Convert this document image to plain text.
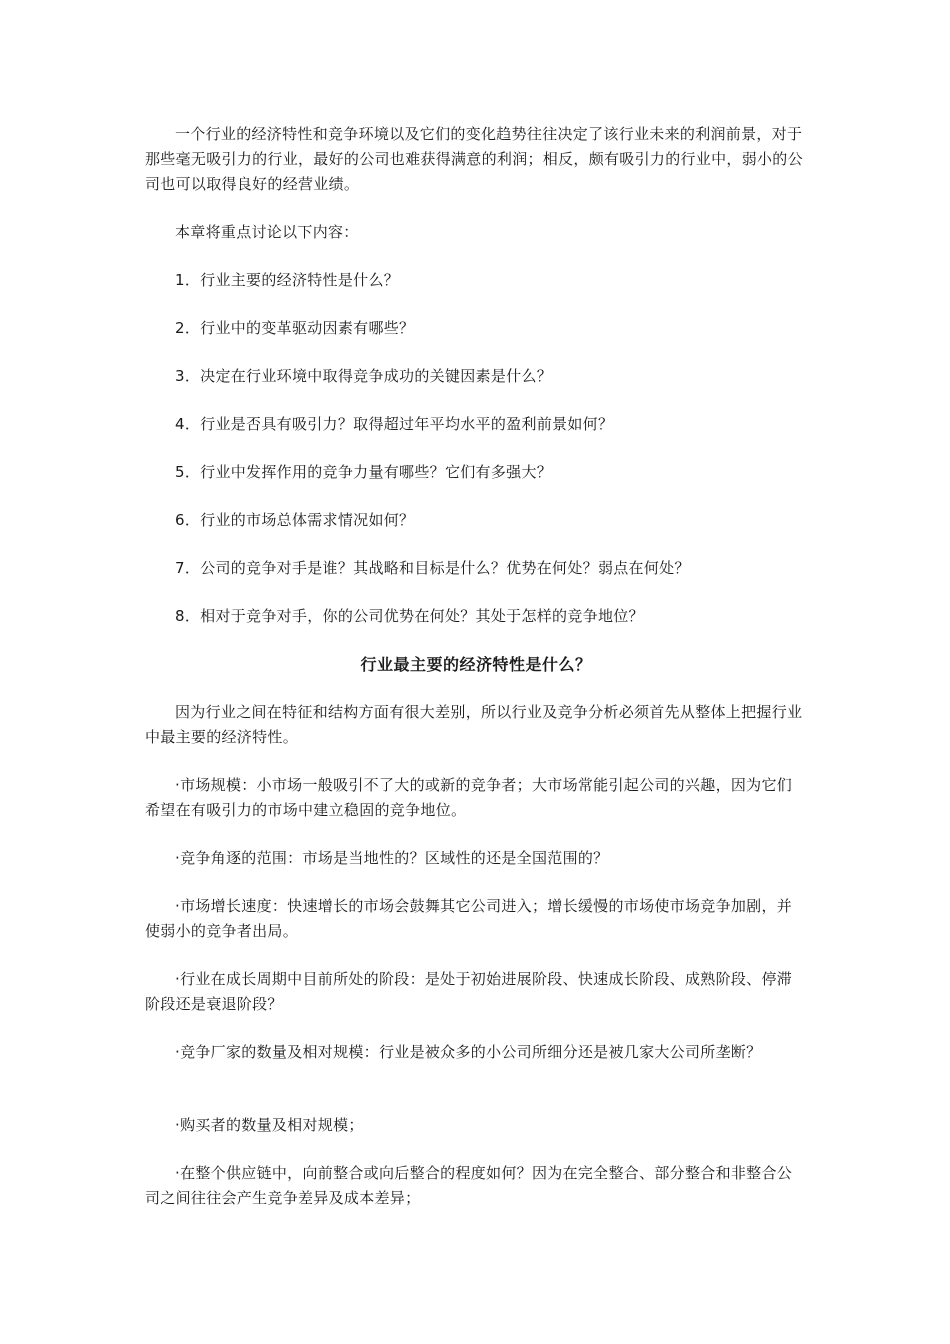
一个行业的经济特性和竞争环境以及它们的变化趋势往往决定了该行业未来的利润前景，对于那些毫无吸引力的行业，最好的公司也难获得满意的利润；相反，颇有吸引力的行业中，弱小的公司也可以取得良好的经营业绩。

本章将重点讨论以下内容：

1．行业主要的经济特性是什么？

2．行业中的变革驱动因素有哪些？

3．决定在行业环境中取得竞争成功的关键因素是什么？

4．行业是否具有吸引力？取得超过年平均水平的盈利前景如何？

5．行业中发挥作用的竞争力量有哪些？它们有多强大？

6．行业的市场总体需求情况如何？

7．公司的竞争对手是谁？其战略和目标是什么？优势在何处？弱点在何处？

8．相对于竞争对手，你的公司优势在何处？其处于怎样的竞争地位？

行业最主要的经济特性是什么？

因为行业之间在特征和结构方面有很大差别，所以行业及竞争分析必须首先从整体上把握行业中最主要的经济特性。

·市场规模：小市场一般吸引不了大的或新的竞争者；大市场常能引起公司的兴趣，因为它们希望在有吸引力的市场中建立稳固的竞争地位。

·竞争角逐的范围：市场是当地性的？区域性的还是全国范围的？

·市场增长速度：快速增长的市场会鼓舞其它公司进入；增长缓慢的市场使市场竞争加剧，并使弱小的竞争者出局。

·行业在成长周期中目前所处的阶段：是处于初始进展阶段、快速成长阶段、成熟阶段、停滞阶段还是衰退阶段？

·竞争厂家的数量及相对规模：行业是被众多的小公司所细分还是被几家大公司所垄断？

·购买者的数量及相对规模；

·在整个供应链中，向前整合或向后整合的程度如何？因为在完全整合、部分整合和非整合公司之间往往会产生竞争差异及成本差异；
